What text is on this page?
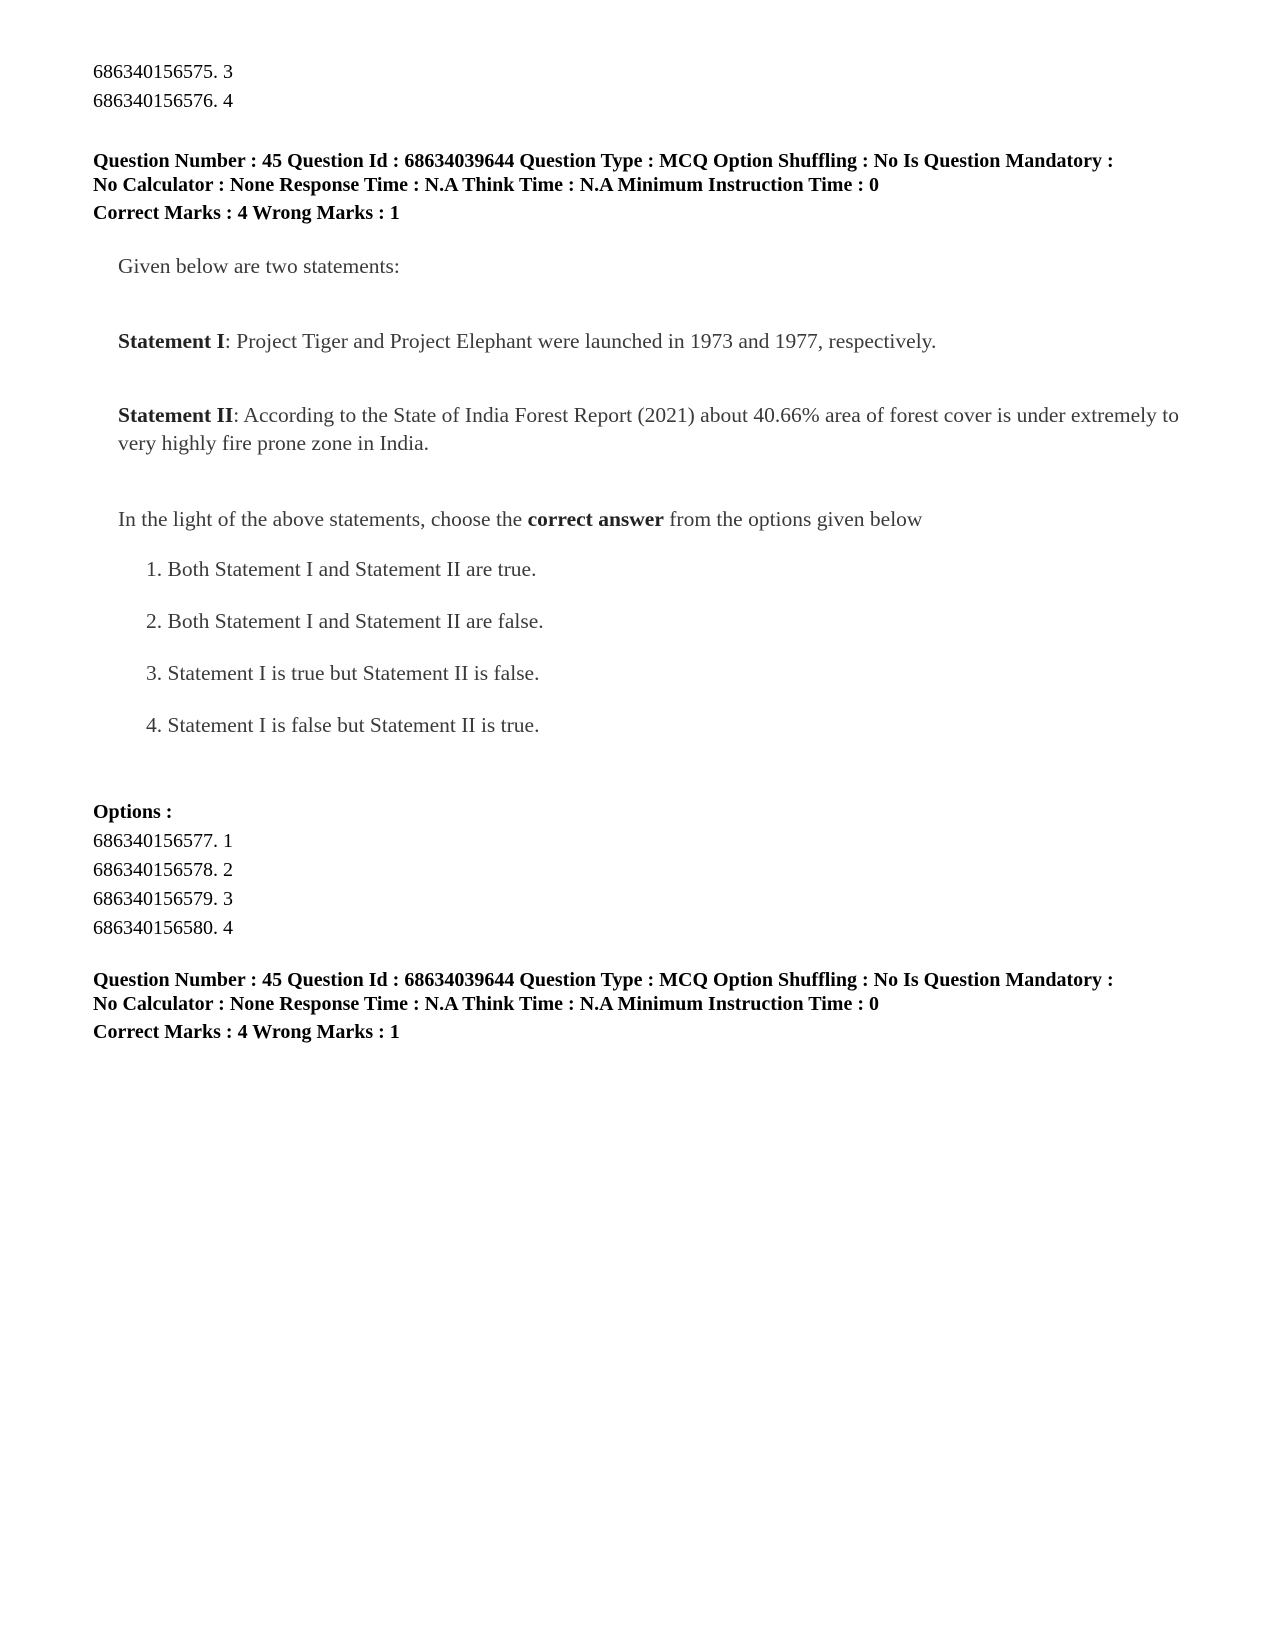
686340156575. 3
686340156576. 4
Question Number : 45 Question Id : 68634039644 Question Type : MCQ Option Shuffling : No Is Question Mandatory :
No Calculator : None Response Time : N.A Think Time : N.A Minimum Instruction Time : 0
Correct Marks : 4 Wrong Marks : 1
Given below are two statements:
Statement I: Project Tiger and Project Elephant were launched in 1973 and 1977, respectively.
Statement II: According to the State of India Forest Report (2021) about 40.66% area of forest cover is under extremely to very highly fire prone zone in India.
In the light of the above statements, choose the correct answer from the options given below
1. Both Statement I and Statement II are true.
2. Both Statement I and Statement II are false.
3. Statement I is true but Statement II is false.
4. Statement I is false but Statement II is true.
Options :
686340156577. 1
686340156578. 2
686340156579. 3
686340156580. 4
Question Number : 45 Question Id : 68634039644 Question Type : MCQ Option Shuffling : No Is Question Mandatory :
No Calculator : None Response Time : N.A Think Time : N.A Minimum Instruction Time : 0
Correct Marks : 4 Wrong Marks : 1
